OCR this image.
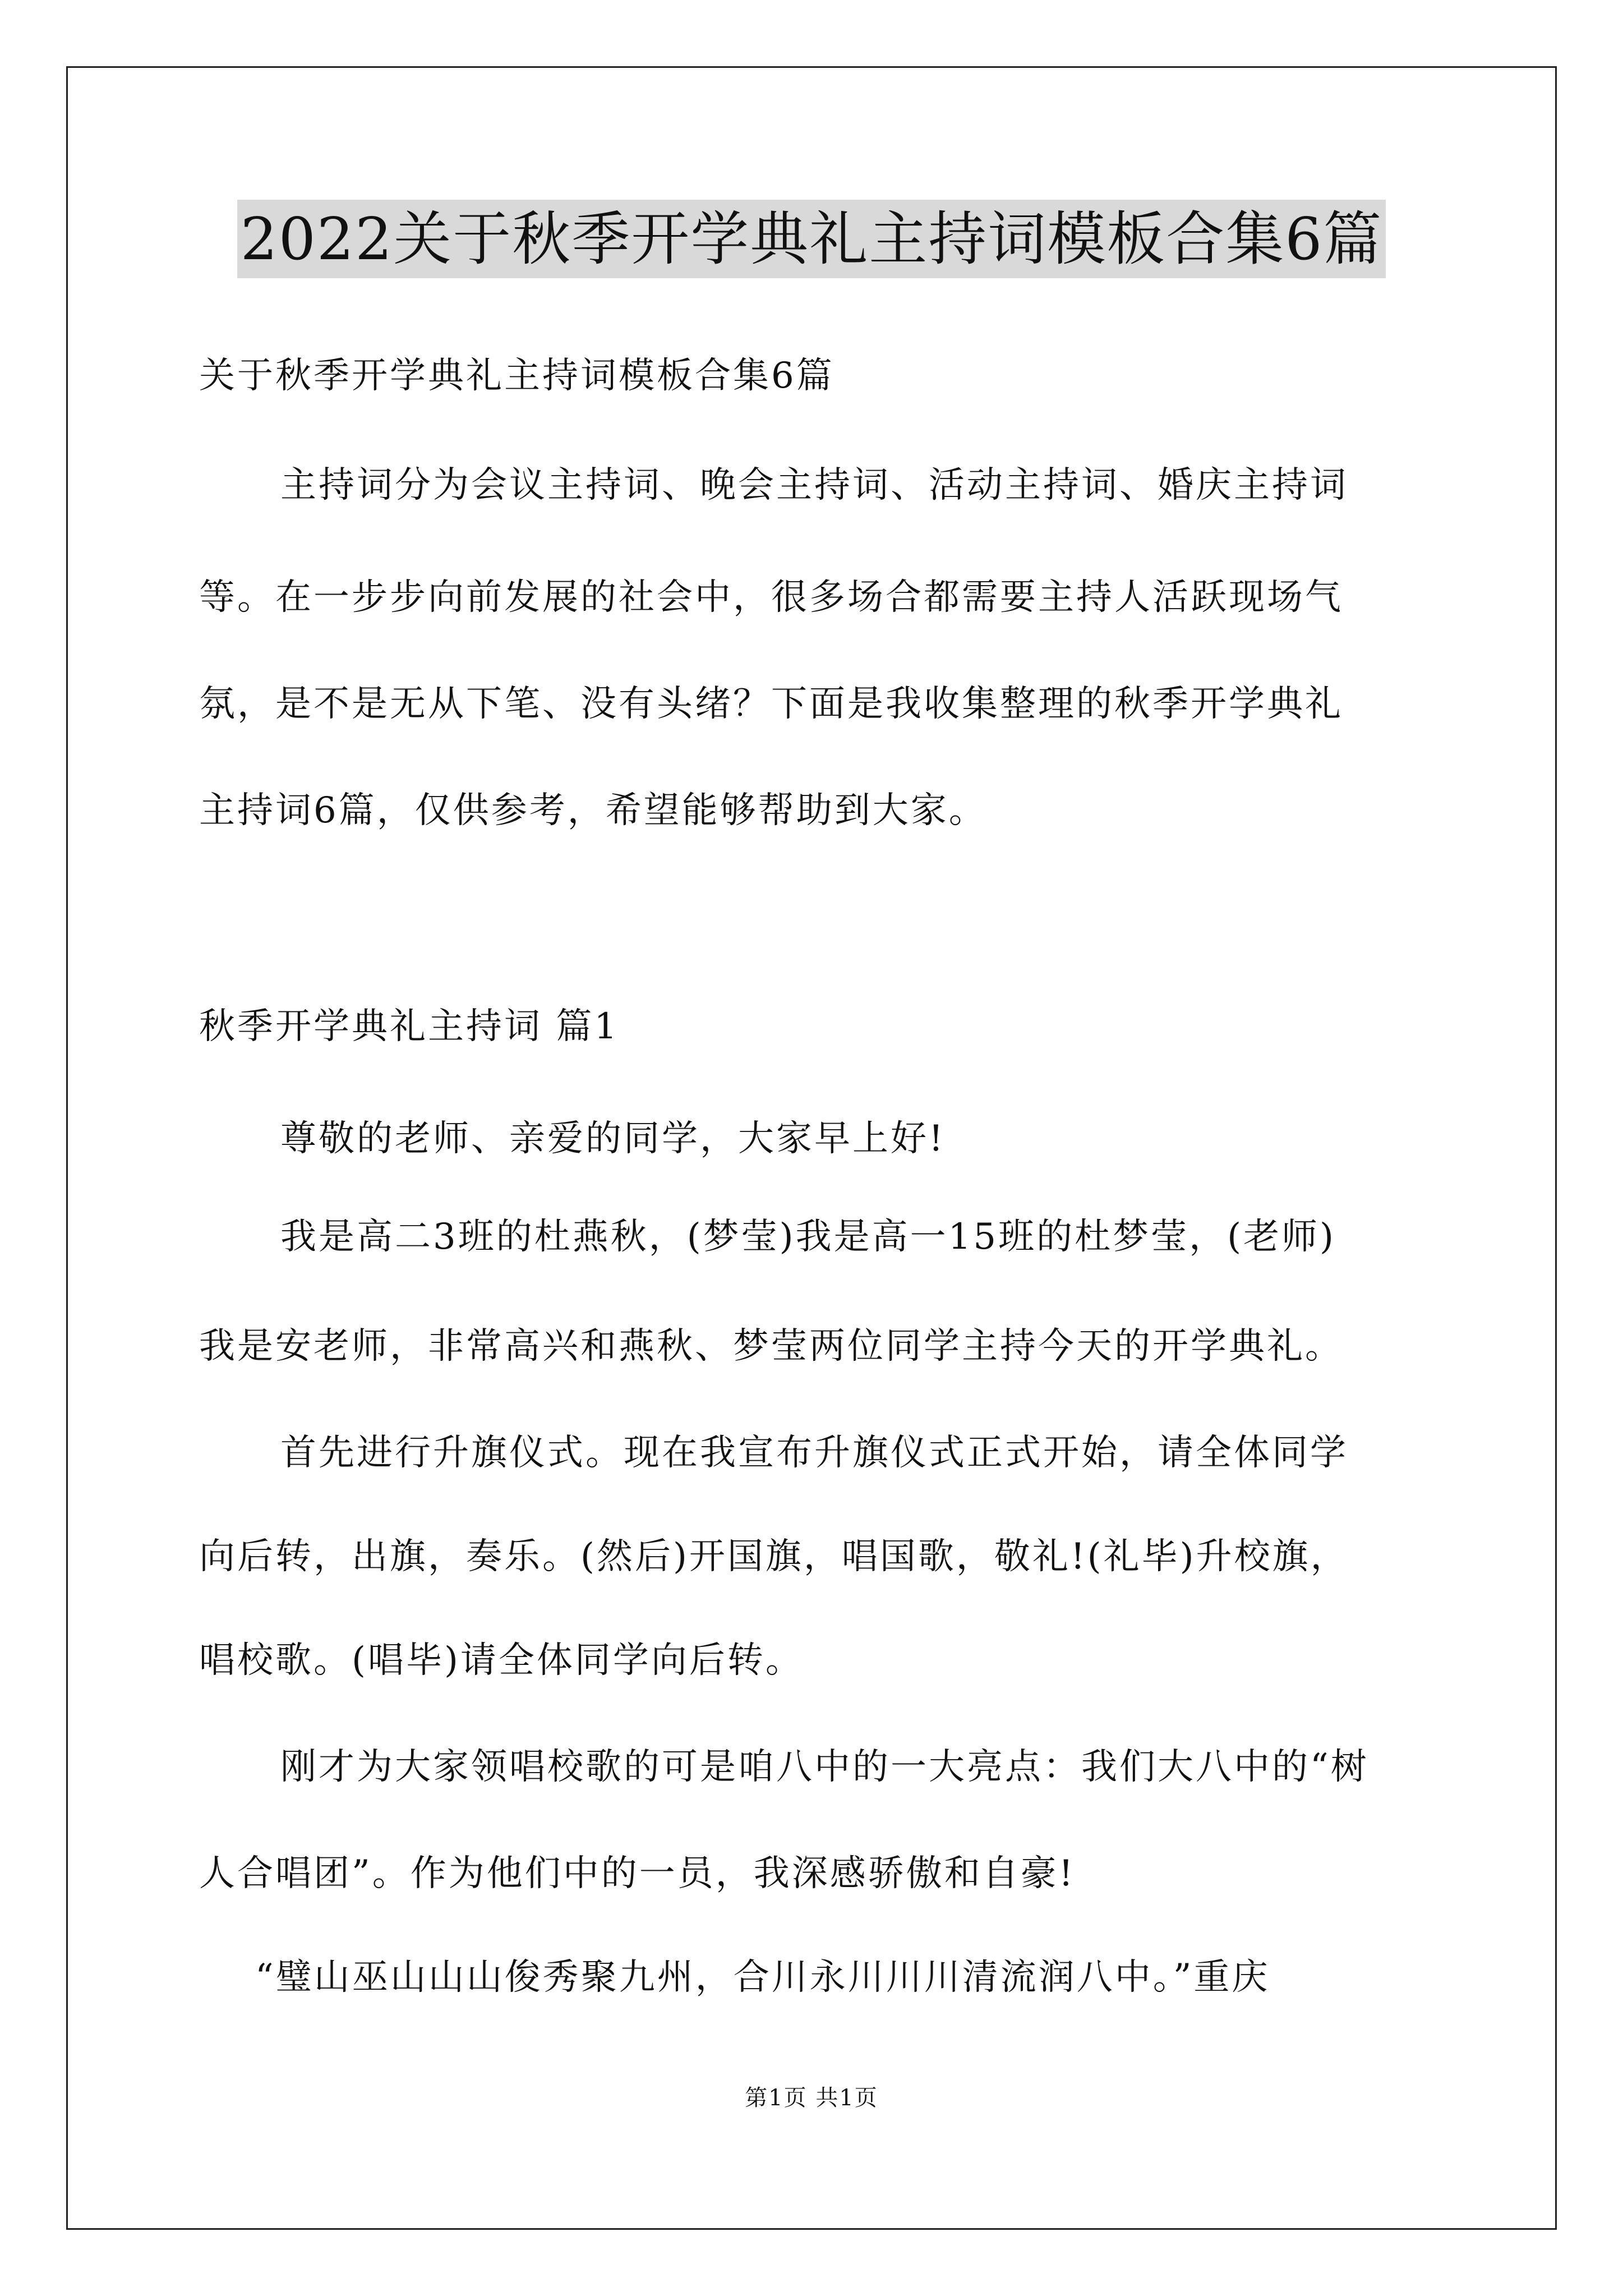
2022关于秋季开学典礼主持词模板合集6篇
关于秋季开学典礼主持词模板合集6篇
主持词分为会议主持词、晚会主持词、活动主持词、婚庆主持词
等。在一步步向前发展的社会中，很多场合都需要主持人活跃现场气
氛，是不是无从下笔、没有头绪？下面是我收集整理的秋季开学典礼
主持词6篇，仅供参考，希望能够帮助到大家。
秋季开学典礼主持词 篇1
尊敬的老师、亲爱的同学，大家早上好!
我是高二3班的杜燕秋，(梦莹)我是高一15班的杜梦莹，(老师)
我是安老师，非常高兴和燕秋、梦莹两位同学主持今天的开学典礼。
首先进行升旗仪式。现在我宣布升旗仪式正式开始，请全体同学
向后转，出旗，奏乐。(然后)开国旗，唱国歌，敬礼!(礼毕)升校旗，
唱校歌。(唱毕)请全体同学向后转。
刚才为大家领唱校歌的可是咱八中的一大亮点：我们大八中的“树
人合唱团”。作为他们中的一员，我深感骄傲和自豪!
“璧山巫山山山俊秀聚九州，合川永川川川清流润八中。”重庆
第1页 共1页
